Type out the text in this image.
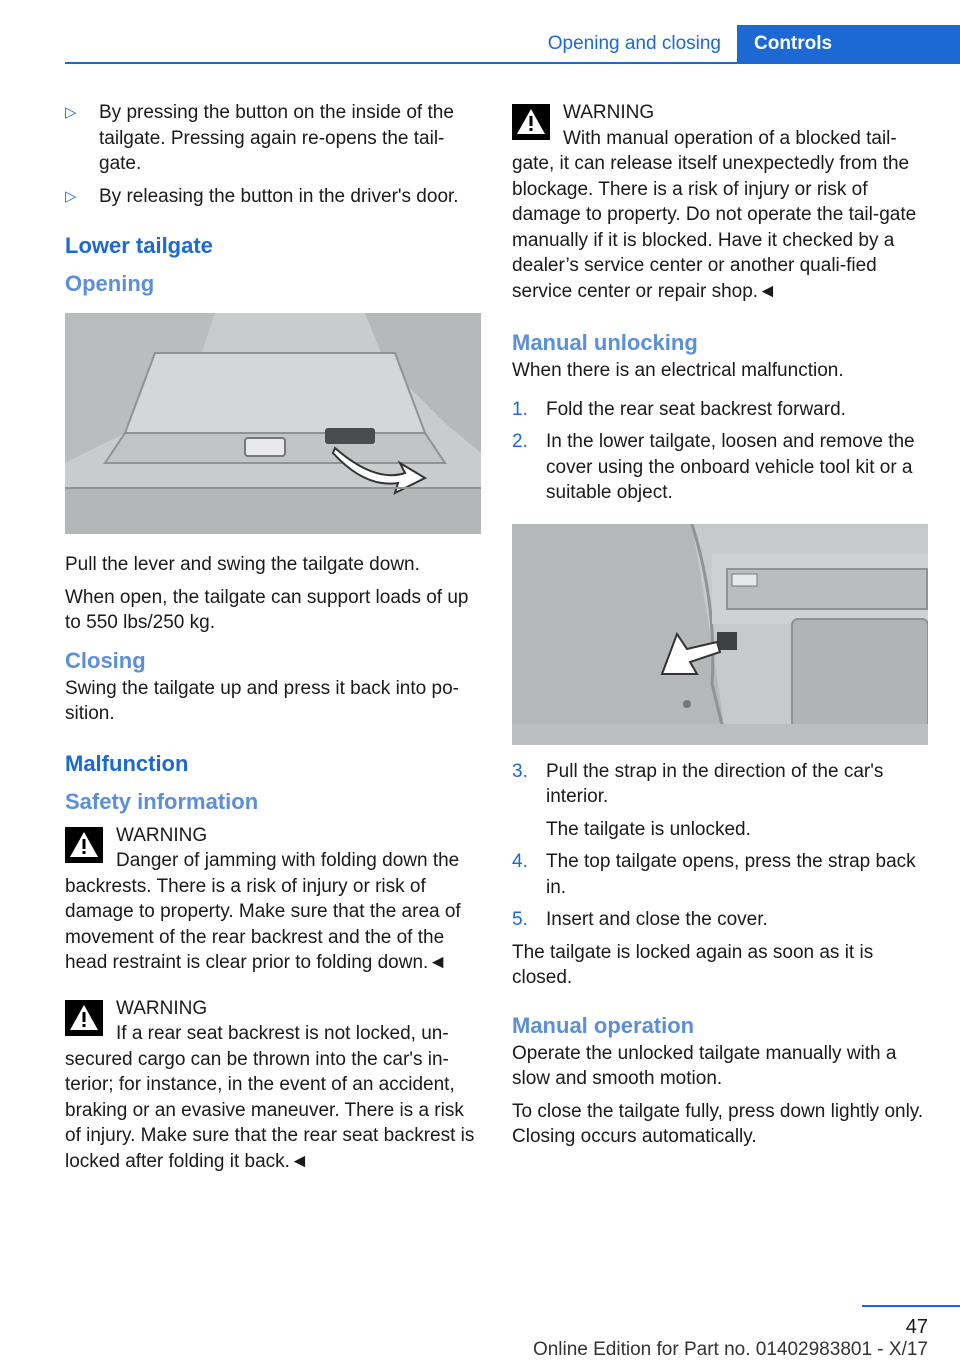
Opening and closing	Controls
▷ By pressing the button on the inside of the tailgate. Pressing again re-opens the tail-gate.
▷ By releasing the button in the driver's door.
Lower tailgate
Opening

Pull the lever and swing the tailgate down.

When open, the tailgate can support loads of up to 550 lbs/250 kg.

Closing

Swing the tailgate up and press it back into po-sition.

Malfunction
Safety information
WARNING
Danger of jamming with folding down the
backrests. There is a risk of injury or risk of damage to property. Make sure that the area of movement of the rear backrest and the of the head restraint is clear prior to folding down.◄
WARNING
If a rear seat backrest is not locked, un-
secured cargo can be thrown into the car's in-terior; for instance, in the event of an accident, braking or an evasive maneuver. There is a risk of injury. Make sure that the rear seat backrest is locked after folding it back.◄
WARNING
With manual operation of a blocked tail-
gate, it can release itself unexpectedly from the blockage. There is a risk of injury or risk of damage to property. Do not operate the tail-gate manually if it is blocked. Have it checked by a dealer’s service center or another quali-fied service center or repair shop.◄
Manual unlocking

When there is an electrical malfunction.

1. Fold the rear seat backrest forward.
2. In the lower tailgate, loosen and remove the cover using the onboard vehicle tool kit or a suitable object.
3. Pull the strap in the direction of the car's interior.
The tailgate is unlocked.
4. The top tailgate opens, press the strap back in.
5. Insert and close the cover.

The tailgate is locked again as soon as it is closed.

Manual operation

Operate the unlocked tailgate manually with a slow and smooth motion.

To close the tailgate fully, press down lightly only. Closing occurs automatically.

47
Online Edition for Part no. 01402983801 - X/17
